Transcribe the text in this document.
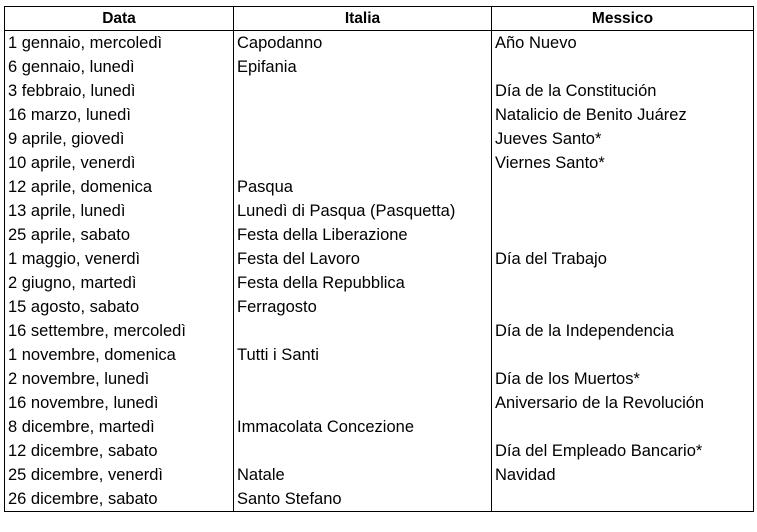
Data	Italia	Messico
1 gennaio, mercoledì	Capodanno	Año Nuevo
6 gennaio, lunedì	Epifania	
3 febbraio, lunedì		Día de la Constitución
16 marzo, lunedì		Natalicio de Benito Juárez
9 aprile, giovedì		Jueves Santo*
10 aprile, venerdì		Viernes Santo*
12 aprile, domenica	Pasqua	
13 aprile, lunedì	Lunedì di Pasqua (Pasquetta)	
25 aprile, sabato	Festa della Liberazione	
1 maggio, venerdì	Festa del Lavoro	Día del Trabajo
2 giugno, martedì	Festa della Repubblica	
15 agosto, sabato	Ferragosto	
16 settembre, mercoledì		Día de la Independencia
1 novembre, domenica	Tutti i Santi	
2 novembre, lunedì		Día de los Muertos*
16 novembre, lunedì		Aniversario de la Revolución
8 dicembre, martedì	Immacolata Concezione	
12 dicembre, sabato		Día del Empleado Bancario*
25 dicembre, venerdì	Natale	Navidad
26 dicembre, sabato	Santo Stefano	
